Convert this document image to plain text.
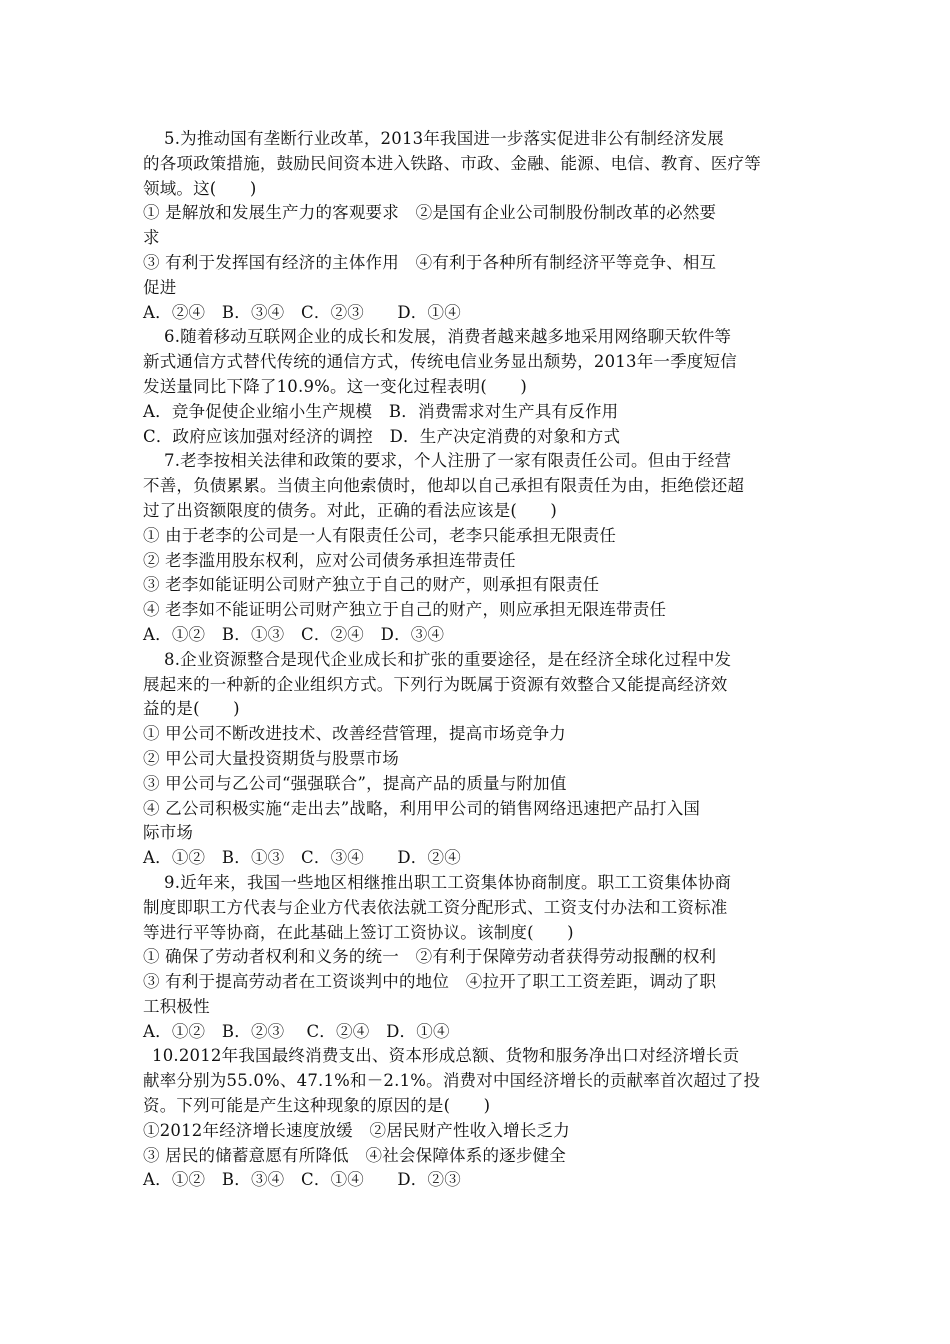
5.为推动国有垄断行业改革，2013年我国进一步落实促进非公有制经济发展
的各项政策措施，鼓励民间资本进入铁路、市政、金融、能源、电信、教育、医疗等
领域。这(　　)
① 是解放和发展生产力的客观要求　②是国有企业公司制股份制改革的必然要
求
③ 有利于发挥国有经济的主体作用　④有利于各种所有制经济平等竞争、相互
促进
A．②④　B．③④　C．②③　　D．①④
6.随着移动互联网企业的成长和发展，消费者越来越多地采用网络聊天软件等
新式通信方式替代传统的通信方式，传统电信业务显出颓势，2013年一季度短信
发送量同比下降了10.9%。这一变化过程表明(　　)
A．竞争促使企业缩小生产规模　B．消费需求对生产具有反作用
C．政府应该加强对经济的调控　D．生产决定消费的对象和方式
7.老李按相关法律和政策的要求，个人注册了一家有限责任公司。但由于经营
不善，负债累累。当债主向他索债时，他却以自己承担有限责任为由，拒绝偿还超
过了出资额限度的债务。对此，正确的看法应该是(　　)
① 由于老李的公司是一人有限责任公司，老李只能承担无限责任
② 老李滥用股东权利，应对公司债务承担连带责任
③ 老李如能证明公司财产独立于自己的财产，则承担有限责任
④ 老李如不能证明公司财产独立于自己的财产，则应承担无限连带责任
A．①②　B．①③　C．②④　D．③④
8.企业资源整合是现代企业成长和扩张的重要途径，是在经济全球化过程中发
展起来的一种新的企业组织方式。下列行为既属于资源有效整合又能提高经济效
益的是(　　)
① 甲公司不断改进技术、改善经营管理，提高市场竞争力
② 甲公司大量投资期货与股票市场
③ 甲公司与乙公司“强强联合”，提高产品的质量与附加值
④ 乙公司积极实施“走出去”战略，利用甲公司的销售网络迅速把产品打入国
际市场
A．①②　B．①③　C．③④　　D．②④
9.近年来，我国一些地区相继推出职工工资集体协商制度。职工工资集体协商
制度即职工方代表与企业方代表依法就工资分配形式、工资支付办法和工资标准
等进行平等协商，在此基础上签订工资协议。该制度(　　)
① 确保了劳动者权利和义务的统一　②有利于保障劳动者获得劳动报酬的权利
③ 有利于提高劳动者在工资谈判中的地位　④拉开了职工工资差距，调动了职
工积极性
A．①②　B．②③　 C．②④　D．①④
10.2012年我国最终消费支出、资本形成总额、货物和服务净出口对经济增长贡
献率分别为55.0%、47.1%和－2.1%。消费对中国经济增长的贡献率首次超过了投
资。下列可能是产生这种现象的原因的是(　　)
①2012年经济增长速度放缓　②居民财产性收入增长乏力
③ 居民的储蓄意愿有所降低　④社会保障体系的逐步健全
A．①②　B．③④　C．①④　　D．②③
